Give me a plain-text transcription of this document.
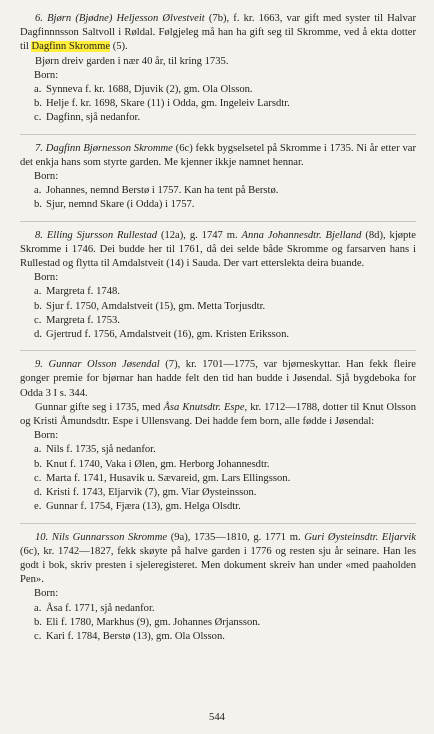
6. Bjørn (Bjødne) Heljesson Ølvestveit (7b), f. kr. 1663, var gift med syster til Halvar Dagfinnnsson Saltvoll i Røldal. Følgjeleg må han ha gift seg til Skromme, ved å ekta dotter til Dagfinn Skromme (5).

Bjørn dreiv garden i nær 40 år, til kring 1735.

Born:
a. Synneva f. kr. 1688, Djuvik (2), gm. Ola Olsson.
b. Helje f. kr. 1698, Skare (11) i Odda, gm. Ingeleiv Larsdtr.
c. Dagfinn, sjå nedanfor.

7. Dagfinn Bjørnesson Skromme (6c) fekk bygselsetel på Skromme i 1735. Ni år etter var det enkja hans som styrte garden. Me kjenner ikkje namnet hennar.

Born:
a. Johannes, nemnd Berstø i 1757. Kan ha tent på Berstø.
b. Sjur, nemnd Skare (i Odda) i 1757.

8. Elling Sjursson Rullestad (12a), g. 1747 m. Anna Johannesdtr. Bjelland (8d), kjøpte Skromme i 1746. Dei budde her til 1761, då dei selde både Skromme og farsarven hans i Rullestad og flytta til Amdalstveit (14) i Sauda. Der vart etterslekta deira buande.

Born:
a. Margreta f. 1748.
b. Sjur f. 1750, Amdalstveit (15), gm. Metta Torjusdtr.
c. Margreta f. 1753.
d. Gjertrud f. 1756, Amdalstveit (16), gm. Kristen Eriksson.

9. Gunnar Olsson Jøsendal (7), kr. 1701—1775, var bjørneskyttar. Han fekk fleire gonger premie for bjørnar han hadde felt den tid han budde i Jøsendal. Sjå bygdeboka for Odda 3 I s. 344.

Gunnar gifte seg i 1735, med Åsa Knutsdtr. Espe, kr. 1712—1788, dotter til Knut Olsson og Kristi Åmundsdtr. Espe i Ullensvang. Dei hadde fem born, alle fødde i Jøsendal:

Born:
a. Nils f. 1735, sjå nedanfor.
b. Knut f. 1740, Vaka i Ølen, gm. Herborg Johannesdtr.
c. Marta f. 1741, Husavik u. Sævareid, gm. Lars Ellingsson.
d. Kristi f. 1743, Eljarvik (7), gm. Viar Øysteinsson.
e. Gunnar f. 1754, Fjæra (13), gm. Helga Olsdtr.

10. Nils Gunnarsson Skromme (9a), 1735—1810, g. 1771 m. Guri Øysteinsdtr. Eljarvik (6c), kr. 1742—1827, fekk skøyte på halve garden i 1776 og resten sju år seinare. Han les godt i bok, skriv presten i sjeleregisteret. Men dokument skreiv han under «med paaholden Pen».

Born:
a. Åsa f. 1771, sjå nedanfor.
b. Eli f. 1780, Markhus (9), gm. Johannes Ørjansson.
c. Kari f. 1784, Berstø (13), gm. Ola Olsson.
544
